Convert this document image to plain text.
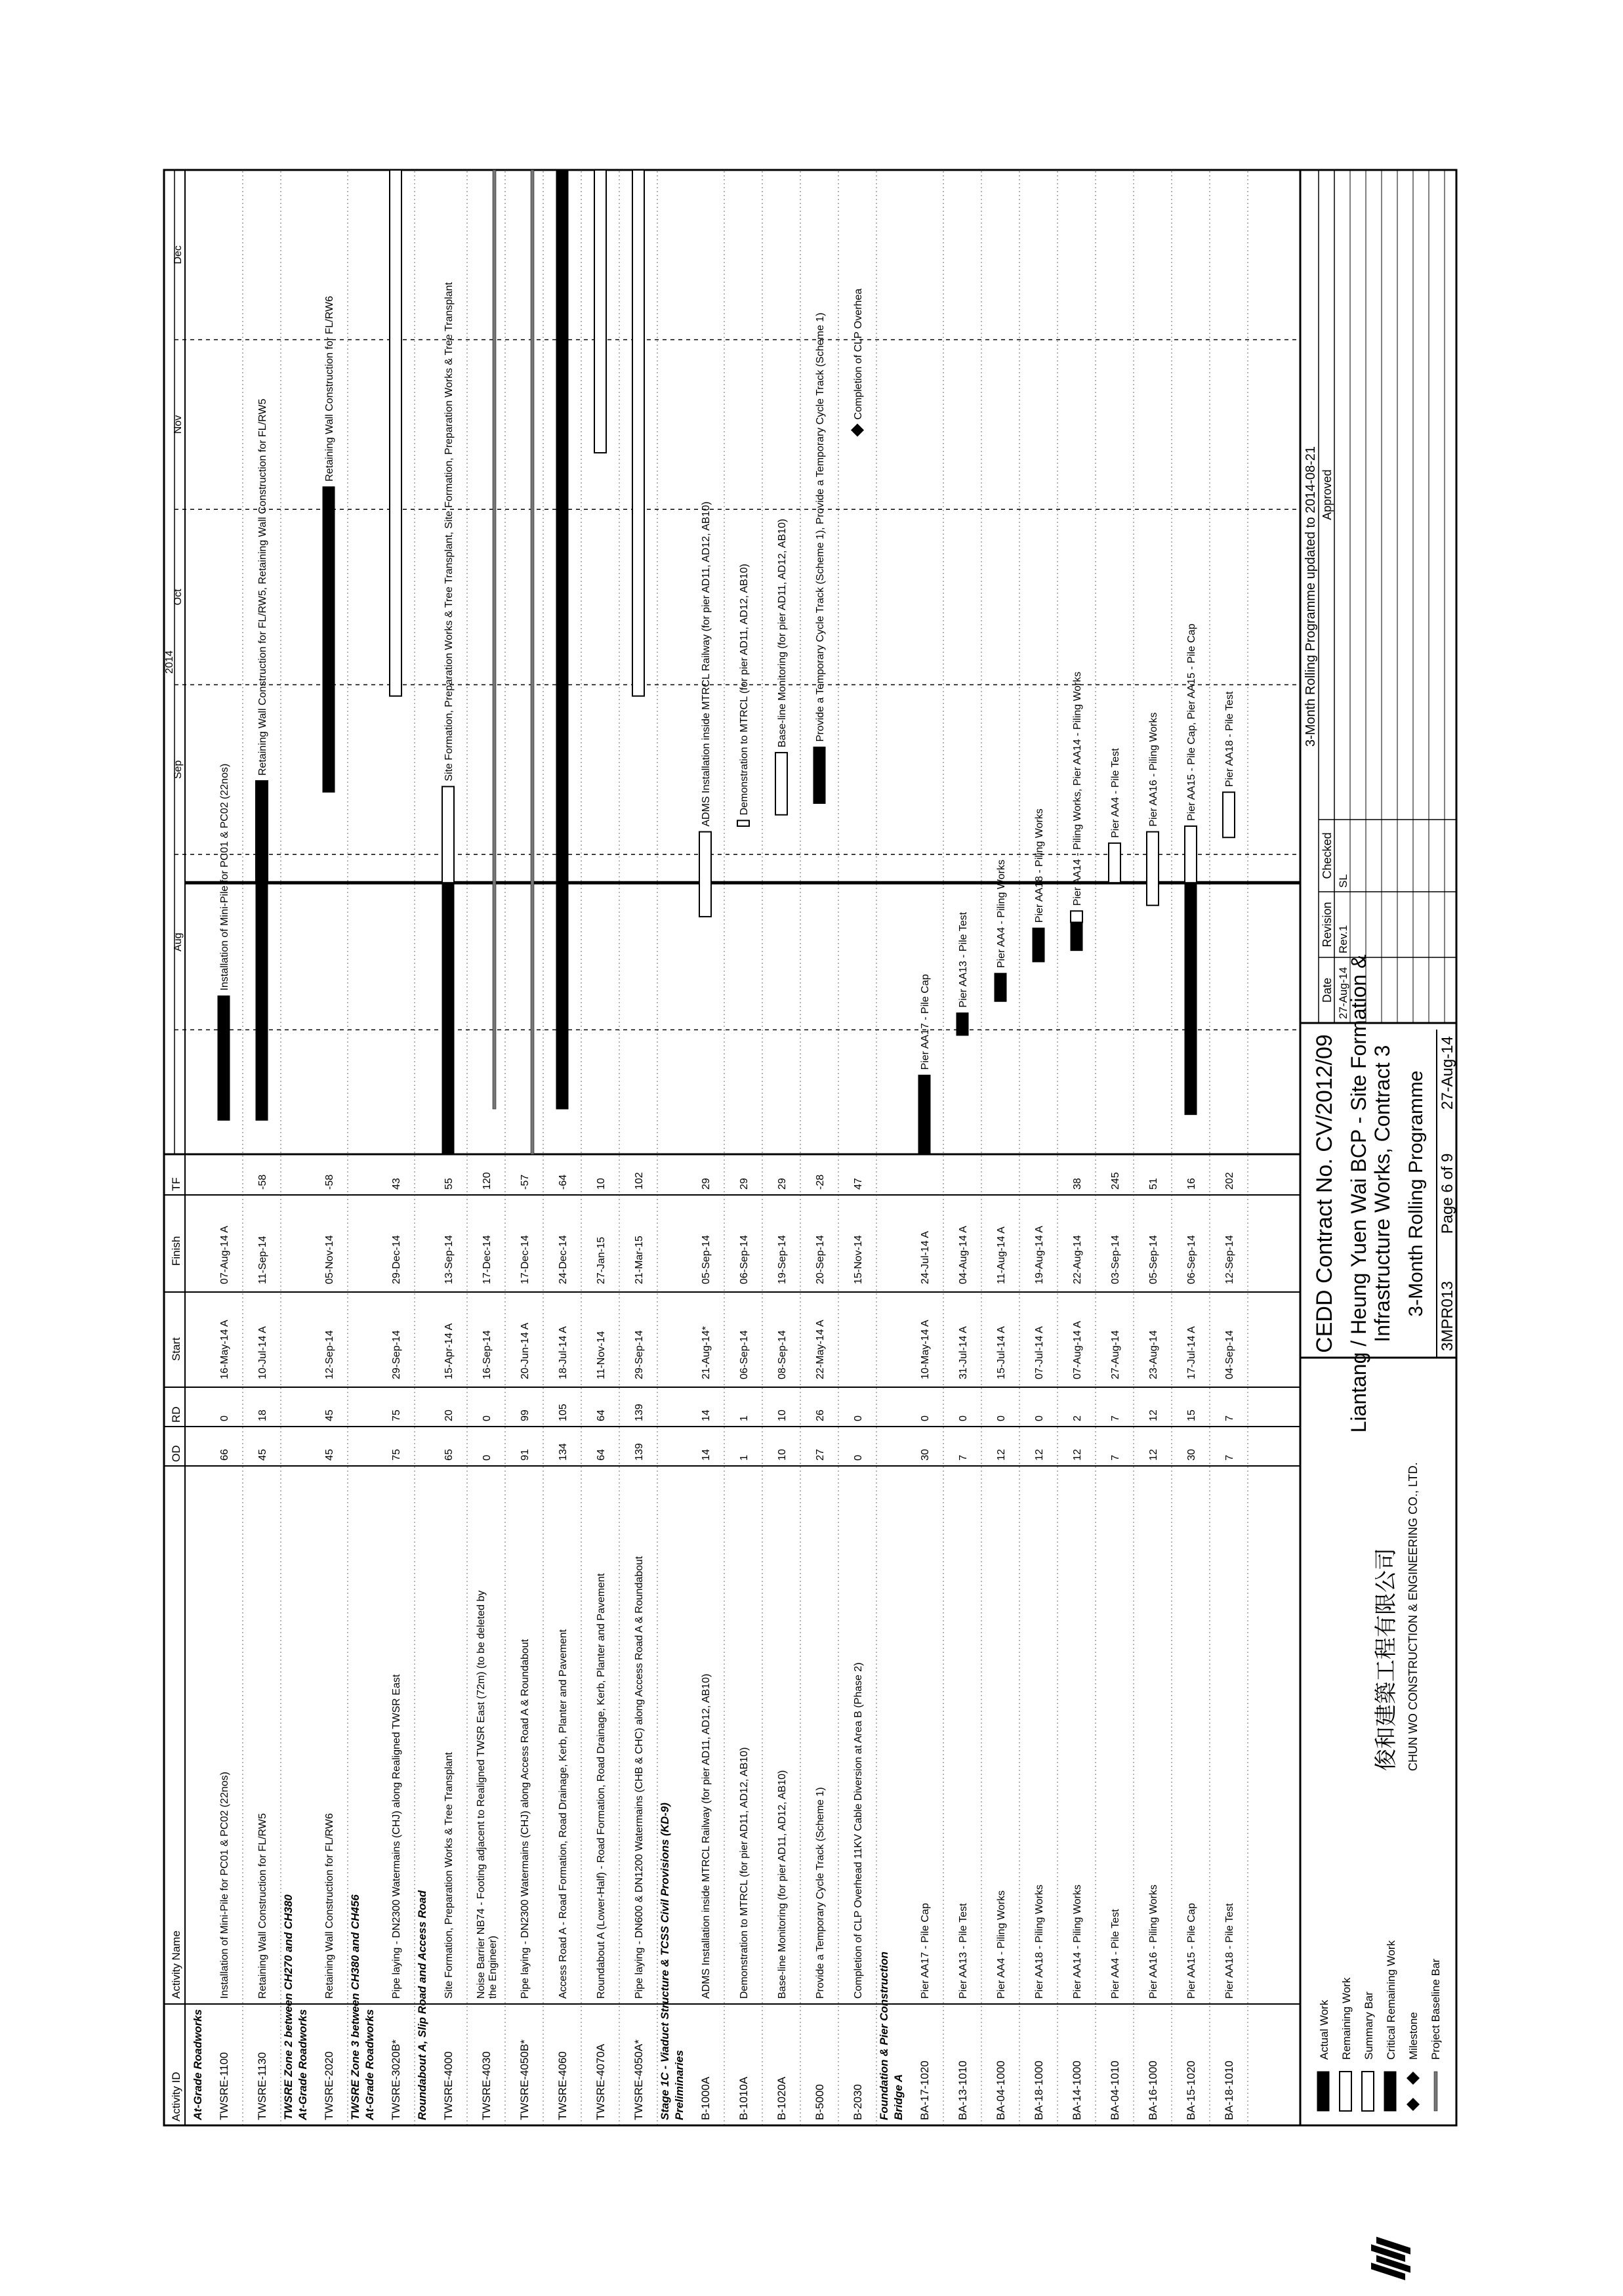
Activity ID
Activity Name
OD
RD
Start
Finish
TF
2014
Aug
Sep
Oct
Nov
Dec
At-Grade Roadworks TWSRE-1100
Installation of Mini-Pile for PC01 & PC02 (22nos)
66
0
16-May-14 A
07-Aug-14 A
Installation of Mini-Pile for PC01 & PC02 (22nos)
TWSRE-1130
Retaining Wall Construction for FL/RW5
45
18
10-Jul-14 A
11-Sep-14
-58
Retaining Wall Construction for FL/RW5, Retaining Wall Construction for FL/RW5
TWSRE Zone 2 between CH270 and CH380 At-Grade Roadworks TWSRE-2020
Retaining Wall Construction for FL/RW6
45
45
12-Sep-14
05-Nov-14
-58
Retaining Wall Construction for FL/RW6
TWSRE Zone 3 between CH380 and CH456 At-Grade Roadworks TWSRE-3020B*
Pipe laying - DN2300 Watermains (CHJ) along Realigned TWSR East
75
75
29-Sep-14
29-Dec-14
43
Roundabout A, Slip Road and Access Road TWSRE-4000
Site Formation, Preparation Works & Tree Transplant
65
20
15-Apr-14 A
13-Sep-14
55
Site Formation, Preparation Works & Tree Transplant, Site Formation, Preparation Works & Tree Transplant
TWSRE-4030
Noise Barrier NB74 - Footing adjacent to Realigned TWSR East (72m) (to be deleted by the Engineer)
0
0
16-Sep-14
17-Dec-14
120
TWSRE-4050B*
Pipe laying - DN2300 Watermains (CHJ) along Access Road A & Roundabout
91
99
20-Jun-14 A
17-Dec-14
-57
TWSRE-4060
Access Road A - Road Formation, Road Drainage, Kerb, Planter and Pavement
134
105
18-Jul-14 A
24-Dec-14
-64
TWSRE-4070A
Roundabout A (Lower-Half) - Road Formation, Road Drainage, Kerb, Planter and Pavement
64
64
11-Nov-14
27-Jan-15
10
TWSRE-4050A*
Pipe laying - DN600 & DN1200 Watermains (CHB & CHC) along Access Road A & Roundabout
139
139
29-Sep-14
21-Mar-15
102
Stage 1C - Viaduct Structure & TCSS Civil Provisions (KD-9) Preliminaries B-1000A
ADMS Installation inside MTRCL Railway (for pier AD11, AD12, AB10)
14
14
21-Aug-14*
05-Sep-14
29
ADMS Installation inside MTRCL Railway (for pier AD11, AD12, AB10)
B-1010A
Demonstration to MTRCL (for pier AD11, AD12, AB10)
1
1
06-Sep-14
06-Sep-14
29
Demonstration to MTRCL (for pier AD11, AD12, AB10)
B-1020A
Base-line Monitoring (for pier AD11, AD12, AB10)
10
10
08-Sep-14
19-Sep-14
29
Base-line Monitoring (for pier AD11, AD12, AB10)
B-5000
Provide a Temporary Cycle Track (Scheme 1)
27
26
22-May-14 A
20-Sep-14
-28
Provide a Temporary Cycle Track (Scheme 1), Provide a Temporary Cycle Track (Scheme 1)
B-2030
Completion of CLP Overhead 11KV Cable Diversion at Area B (Phase 2)
0
0
15-Nov-14
47
Completion of CLP Overhea
Foundation & Pier Construction Bridge A BA-17-1020
Pier AA17 - Pile Cap
30
0
10-May-14 A
24-Jul-14 A
Pier AA17 - Pile Cap
BA-13-1010
Pier AA13 - Pile Test
7
0
31-Jul-14 A
04-Aug-14 A
Pier AA13 - Pile Test
BA-04-1000
Pier AA4 - Piling Works
12
0
15-Jul-14 A
11-Aug-14 A
Pier AA4 - Piling Works
BA-18-1000
Pier AA18 - Piling Works
12
0
07-Jul-14 A
19-Aug-14 A
Pier AA18 - Piling Works
BA-14-1000
Pier AA14 - Piling Works
12
2
07-Aug-14 A
22-Aug-14
38
Pier AA14 - Piling Works, Pier AA14 - Piling Works
BA-04-1010
Pier AA4 - Pile Test
7
7
27-Aug-14
03-Sep-14
245
Pier AA4 - Pile Test
BA-16-1000
Pier AA16 - Piling Works
12
12
23-Aug-14
05-Sep-14
51
Pier AA16 - Piling Works
BA-15-1020
Pier AA15 - Pile Cap
30
15
17-Jul-14 A
06-Sep-14
16
Pier AA15 - Pile Cap, Pier AA15 - Pile Cap
BA-18-1010
Pier AA18 - Pile Test
7
7
04-Sep-14
12-Sep-14
202
Pier AA18 - Pile Test
Actual Work Remaining Work Summary Bar Critical Remaining Work Milestone Project Baseline Bar
俊和建築工程有限公司 CHUN WO CONSTRUCTION & ENGINEERING CO., LTD.
CEDD Contract No. CV/2012/09 Liantang / Heung Yuen Wai BCP - Site Formation & Infrastructure Works, Contract 3 3-Month Rolling Programme 3MPR013
Page 6 of 9
27-Aug-14
3-Month Rolling Programme updated to 2014-08-21
Date
Revision
Checked
Approved
27-Aug-14
Rev.1
SL
